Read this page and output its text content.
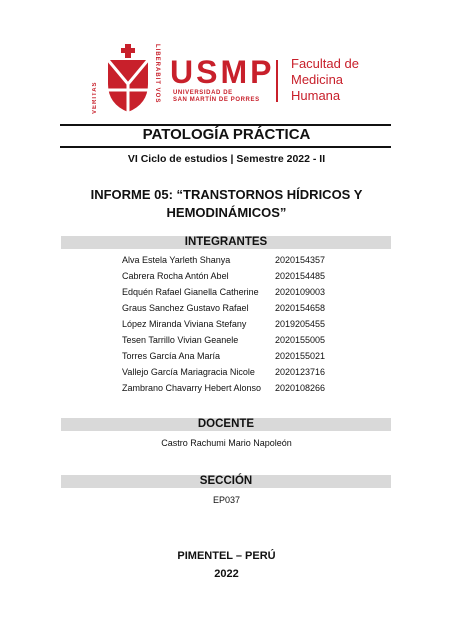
VERITAS	LIBERABIT VOS USMP
UNIVERSIDAD DE
SAN MARTÍN DE PORRES
Facultad de
Medicina
Humana
PATOLOGÍA PRÁCTICA
VI Ciclo de estudios | Semestre 2022 - II
INFORME 05: “TRANSTORNOS HÍDRICOS Y
HEMODINÁMICOS”
INTEGRANTES
Alva Estela Yarleth Shanya	2020154357
Cabrera Rocha Antón Abel	2020154485
Edquén Rafael Gianella Catherine 2020109003
Graus Sanchez Gustavo Rafael	2020154658
López Miranda Viviana Stefany	2019205455
Tesen Tarrillo Vivian Geanele	2020155005
Torres García Ana María	2020155021
Vallejo García Mariagracia Nicole 2020123716
Zambrano Chavarry Hebert Alonso 2020108266
DOCENTE
Castro Rachumi Mario Napoleón
SECCIÓN
EP037
PIMENTEL – PERÚ
2022
